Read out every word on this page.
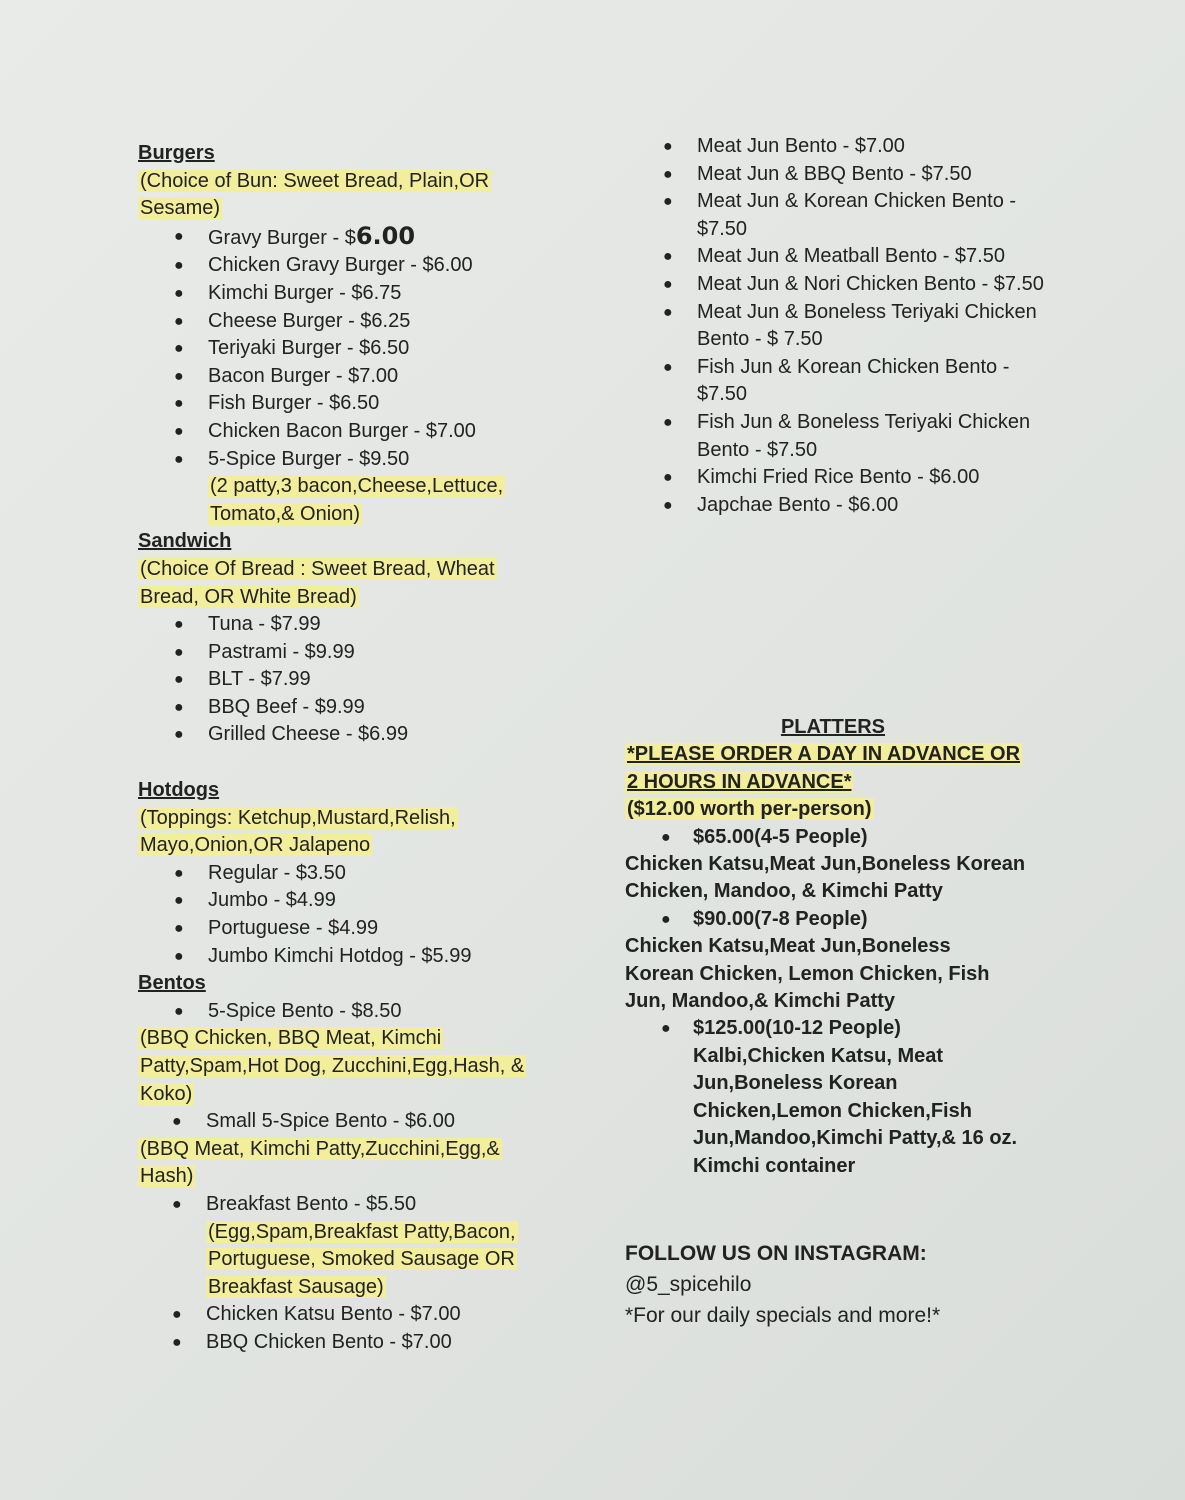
Burgers
(Choice of Bun: Sweet Bread, Plain,OR Sesame)
● Gravy Burger - $6.00
● Chicken Gravy Burger - $6.00
● Kimchi Burger - $6.75
● Cheese Burger - $6.25
● Teriyaki Burger - $6.50
● Bacon Burger - $7.00
● Fish Burger - $6.50
● Chicken Bacon Burger - $7.00
● 5-Spice Burger - $9.50
(2 patty,3 bacon,Cheese,Lettuce, Tomato,& Onion)
Sandwich
(Choice Of Bread : Sweet Bread, Wheat Bread, OR White Bread)
● Tuna - $7.99
● Pastrami - $9.99
● BLT - $7.99
● BBQ Beef - $9.99
● Grilled Cheese - $6.99
Hotdogs
(Toppings: Ketchup,Mustard,Relish, Mayo,Onion,OR Jalapeno
● Regular - $3.50
● Jumbo - $4.99
● Portuguese - $4.99
● Jumbo Kimchi Hotdog - $5.99
Bentos
● 5-Spice Bento - $8.50
(BBQ Chicken, BBQ Meat, Kimchi Patty,Spam,Hot Dog, Zucchini,Egg,Hash, & Koko)
● Small 5-Spice Bento - $6.00
(BBQ Meat, Kimchi Patty,Zucchini,Egg,& Hash)
● Breakfast Bento - $5.50
(Egg,Spam,Breakfast Patty,Bacon, Portuguese, Smoked Sausage OR Breakfast Sausage)
● Chicken Katsu Bento - $7.00
● BBQ Chicken Bento - $7.00
● Meat Jun Bento - $7.00
● Meat Jun & BBQ Bento - $7.50
● Meat Jun & Korean Chicken Bento - $7.50
● Meat Jun & Meatball Bento - $7.50
● Meat Jun & Nori Chicken Bento - $7.50
● Meat Jun & Boneless Teriyaki Chicken Bento - $ 7.50
● Fish Jun & Korean Chicken Bento - $7.50
● Fish Jun & Boneless Teriyaki Chicken Bento - $7.50
● Kimchi Fried Rice Bento - $6.00
● Japchae Bento - $6.00
PLATTERS
*PLEASE ORDER A DAY IN ADVANCE OR 2 HOURS IN ADVANCE*
($12.00 worth per-person)
● $65.00(4-5 People)
Chicken Katsu,Meat Jun,Boneless Korean Chicken, Mandoo, & Kimchi Patty
● $90.00(7-8 People)
Chicken Katsu,Meat Jun,Boneless Korean Chicken, Lemon Chicken, Fish Jun, Mandoo,& Kimchi Patty
● $125.00(10-12 People)
Kalbi,Chicken Katsu, Meat Jun,Boneless Korean Chicken,Lemon Chicken,Fish Jun,Mandoo,Kimchi Patty,& 16 oz. Kimchi container
FOLLOW US ON INSTAGRAM:
@5_spicehilo
*For our daily specials and more!*
